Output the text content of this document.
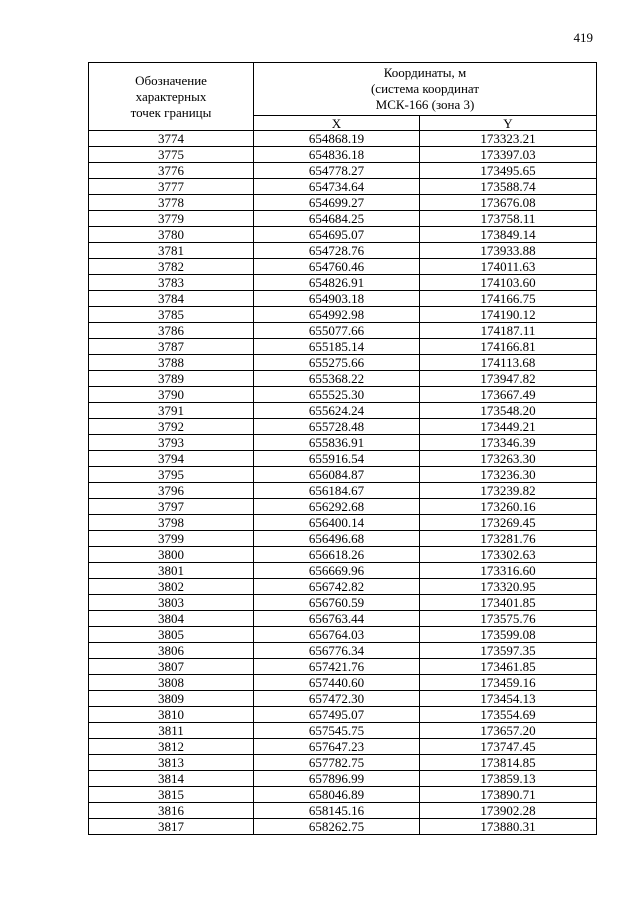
419
Обозначение
характерных
точек границы	Координаты, м
(система координат
МСК-166 (зона 3)	

	X	Y
3774	654868.19	173323.21
3775	654836.18	173397.03
3776	654778.27	173495.65
3777	654734.64	173588.74
3778	654699.27	173676.08
3779	654684.25	173758.11
3780	654695.07	173849.14
3781	654728.76	173933.88
3782	654760.46	174011.63
3783	654826.91	174103.60
3784	654903.18	174166.75
3785	654992.98	174190.12
3786	655077.66	174187.11
3787	655185.14	174166.81
3788	655275.66	174113.68
3789	655368.22	173947.82
3790	655525.30	173667.49
3791	655624.24	173548.20
3792	655728.48	173449.21
3793	655836.91	173346.39
3794	655916.54	173263.30
3795	656084.87	173236.30
3796	656184.67	173239.82
3797	656292.68	173260.16
3798	656400.14	173269.45
3799	656496.68	173281.76
3800	656618.26	173302.63
3801	656669.96	173316.60
3802	656742.82	173320.95
3803	656760.59	173401.85
3804	656763.44	173575.76
3805	656764.03	173599.08
3806	656776.34	173597.35
3807	657421.76	173461.85
3808	657440.60	173459.16
3809	657472.30	173454.13
3810	657495.07	173554.69
3811	657545.75	173657.20
3812	657647.23	173747.45
3813	657782.75	173814.85
3814	657896.99	173859.13
3815	658046.89	173890.71
3816	658145.16	173902.28
3817	658262.75	173880.31
